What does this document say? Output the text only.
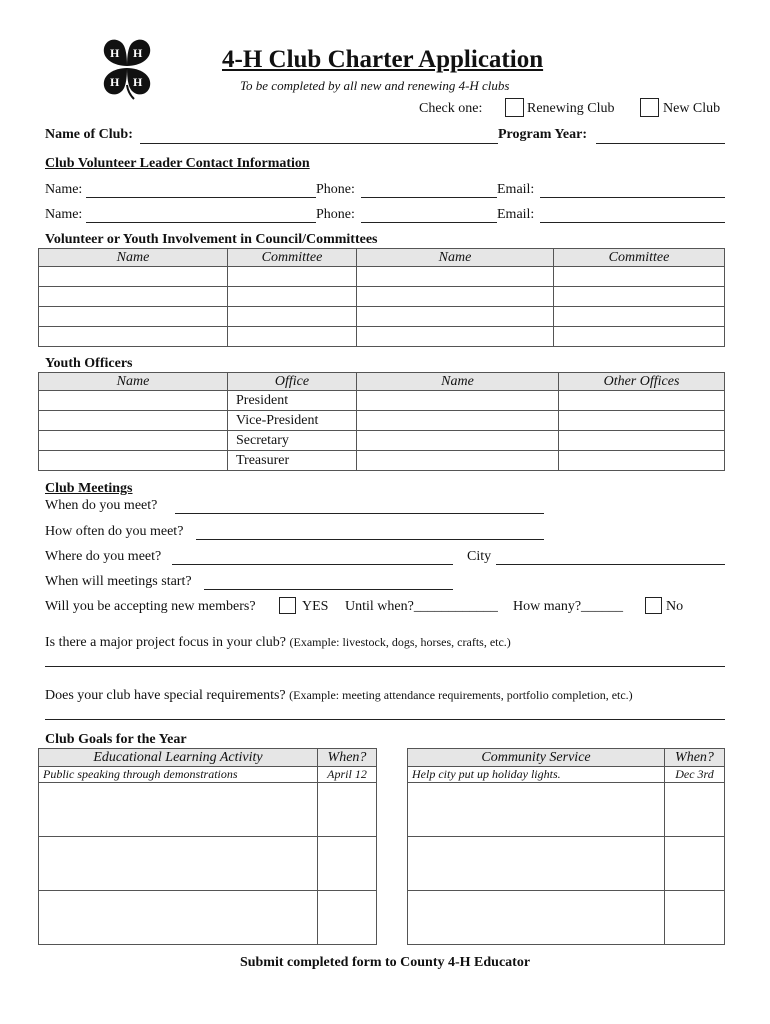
H H
H H
4-H Club Charter Application
To be completed by all new and renewing 4-H clubs
Check one:	Renewing Club	New Club
Name of Club:	Program Year:
Club Volunteer Leader Contact Information
Name:	Phone:	Email:
Name:	Phone:	Email:
Volunteer or Youth Involvement in Council/Committees
Name	Committee	Name	Committee

Youth Officers
Name	Office	Name	Other Offices
	President		
	Vice-President		
	Secretary		
	Treasurer		
Club Meetings
When do you meet?
How often do you meet?
Where do you meet?	City
When will meetings start?
Will you be accepting new members?	YES Until when?____________ How many?______	No
Is there a major project focus in your club? (Example: livestock, dogs, horses, crafts, etc.)
Does your club have special requirements? (Example: meeting attendance requirements, portfolio completion, etc.)
Club Goals for the Year
Educational Learning Activity	When?
Public speaking through demonstrations	April 12

Community Service	When?
Help city put up holiday lights.	Dec 3rd

Submit completed form to County 4-H Educator
